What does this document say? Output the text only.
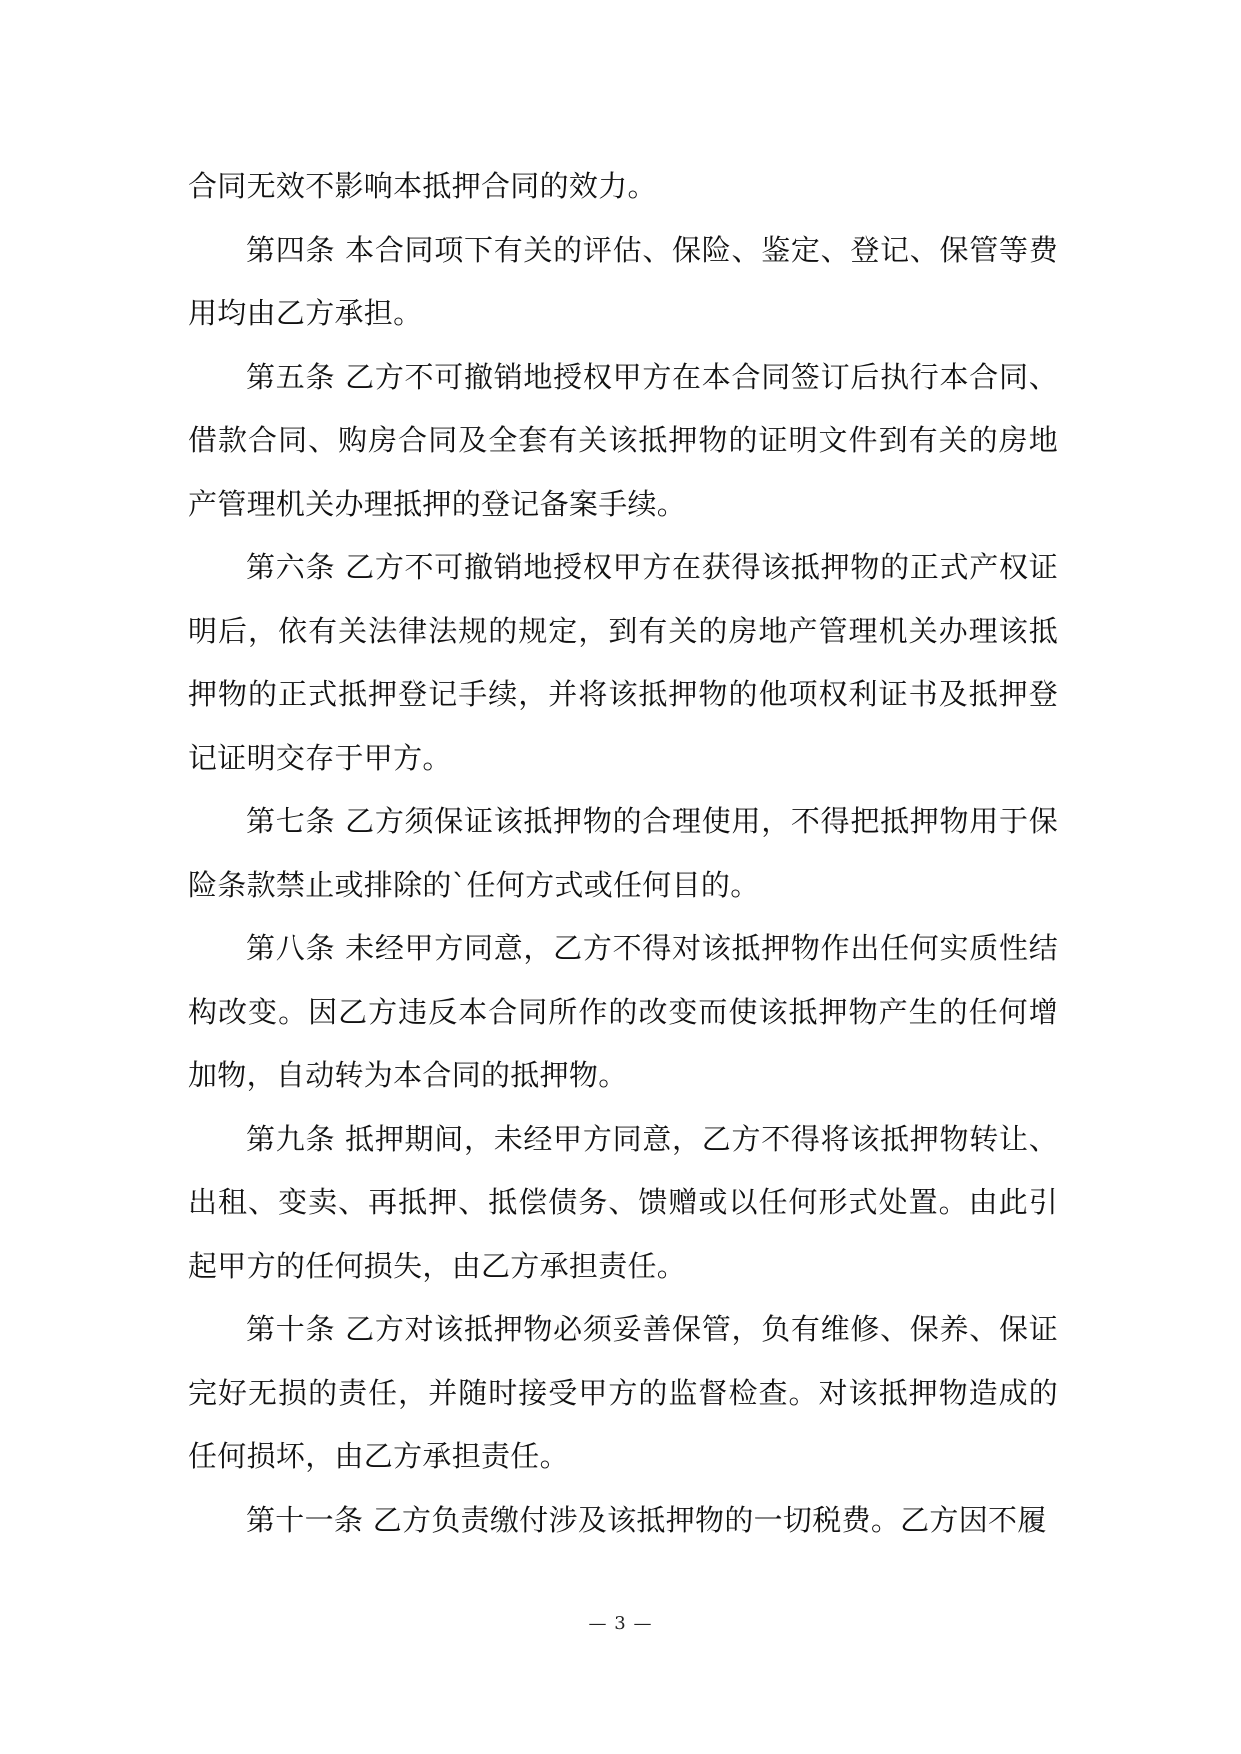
合同无效不影响本抵押合同的效力。

第四条 本合同项下有关的评估、保险、鉴定、登记、保管等费用均由乙方承担。

第五条 乙方不可撤销地授权甲方在本合同签订后执行本合同、借款合同、购房合同及全套有关该抵押物的证明文件到有关的房地产管理机关办理抵押的登记备案手续。

第六条 乙方不可撤销地授权甲方在获得该抵押物的正式产权证明后，依有关法律法规的规定，到有关的房地产管理机关办理该抵押物的正式抵押登记手续，并将该抵押物的他项权利证书及抵押登记证明交存于甲方。

第七条 乙方须保证该抵押物的合理使用，不得把抵押物用于保险条款禁止或排除的`任何方式或任何目的。

第八条 未经甲方同意，乙方不得对该抵押物作出任何实质性结构改变。因乙方违反本合同所作的改变而使该抵押物产生的任何增加物，自动转为本合同的抵押物。

第九条 抵押期间，未经甲方同意，乙方不得将该抵押物转让、出租、变卖、再抵押、抵偿债务、馈赠或以任何形式处置。由此引起甲方的任何损失，由乙方承担责任。

第十条 乙方对该抵押物必须妥善保管，负有维修、保养、保证完好无损的责任，并随时接受甲方的监督检查。对该抵押物造成的任何损坏，由乙方承担责任。

第十一条 乙方负责缴付涉及该抵押物的一切税费。乙方因不履

— 3 —
